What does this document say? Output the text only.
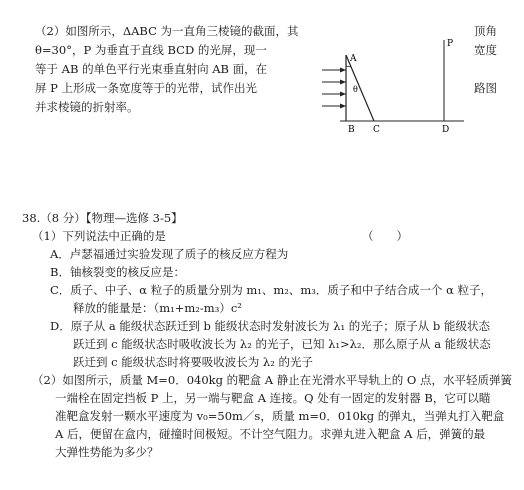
（2）如图所示，ΔABC 为一直角三棱镜的截面，其
θ=30°，P 为垂直于直线 BCD 的光屏，现一
等于 AB 的单色平行光束垂直射向 AB 面，在
屏 P 上形成一条宽度等于的光带，试作出光
并求棱镜的折射率。
顶角
宽度
路图
A
θ
B C	D
P
38.（8 分）【物理—选修 3-5】
（1）下列说法中正确的是	（　　）
A．卢瑟福通过实验发现了质子的核反应方程为
B．铀核裂变的核反应是：
C．质子、中子、α 粒子的质量分别为 m₁、m₂、m₃．质子和中子结合成一个 α 粒子，
　　释放的能量是：（m₁+m₂-m₃）c²
D．原子从 a 能级状态跃迁到 b 能级状态时发射波长为 λ₁ 的光子；原子从 b 能级状态
　　跃迁到 c 能级状态时吸收波长为 λ₂ 的光子，已知 λ₁>λ₂．那么原子从 a 能级状态
　　跃迁到 c 能级状态时将要吸收波长为 λ₂ 的光子
（2）如图所示，质量 M=0．040kg 的靶盒 A 静止在光滑水平导轨上的 O 点，水平轻质弹簧
　　一端栓在固定挡板 P 上，另一端与靶盒 A 连接。Q 处有一固定的发射器 B，它可以瞄
　　准靶盒发射一颗水平速度为 v₀=50m／s，质量 m=0．010kg 的弹丸，当弹丸打入靶盒
　　A 后，便留在盒内，碰撞时间极短。不计空气阻力。求弹丸进入靶盒 A 后，弹簧的最
　　大弹性势能为多少？
